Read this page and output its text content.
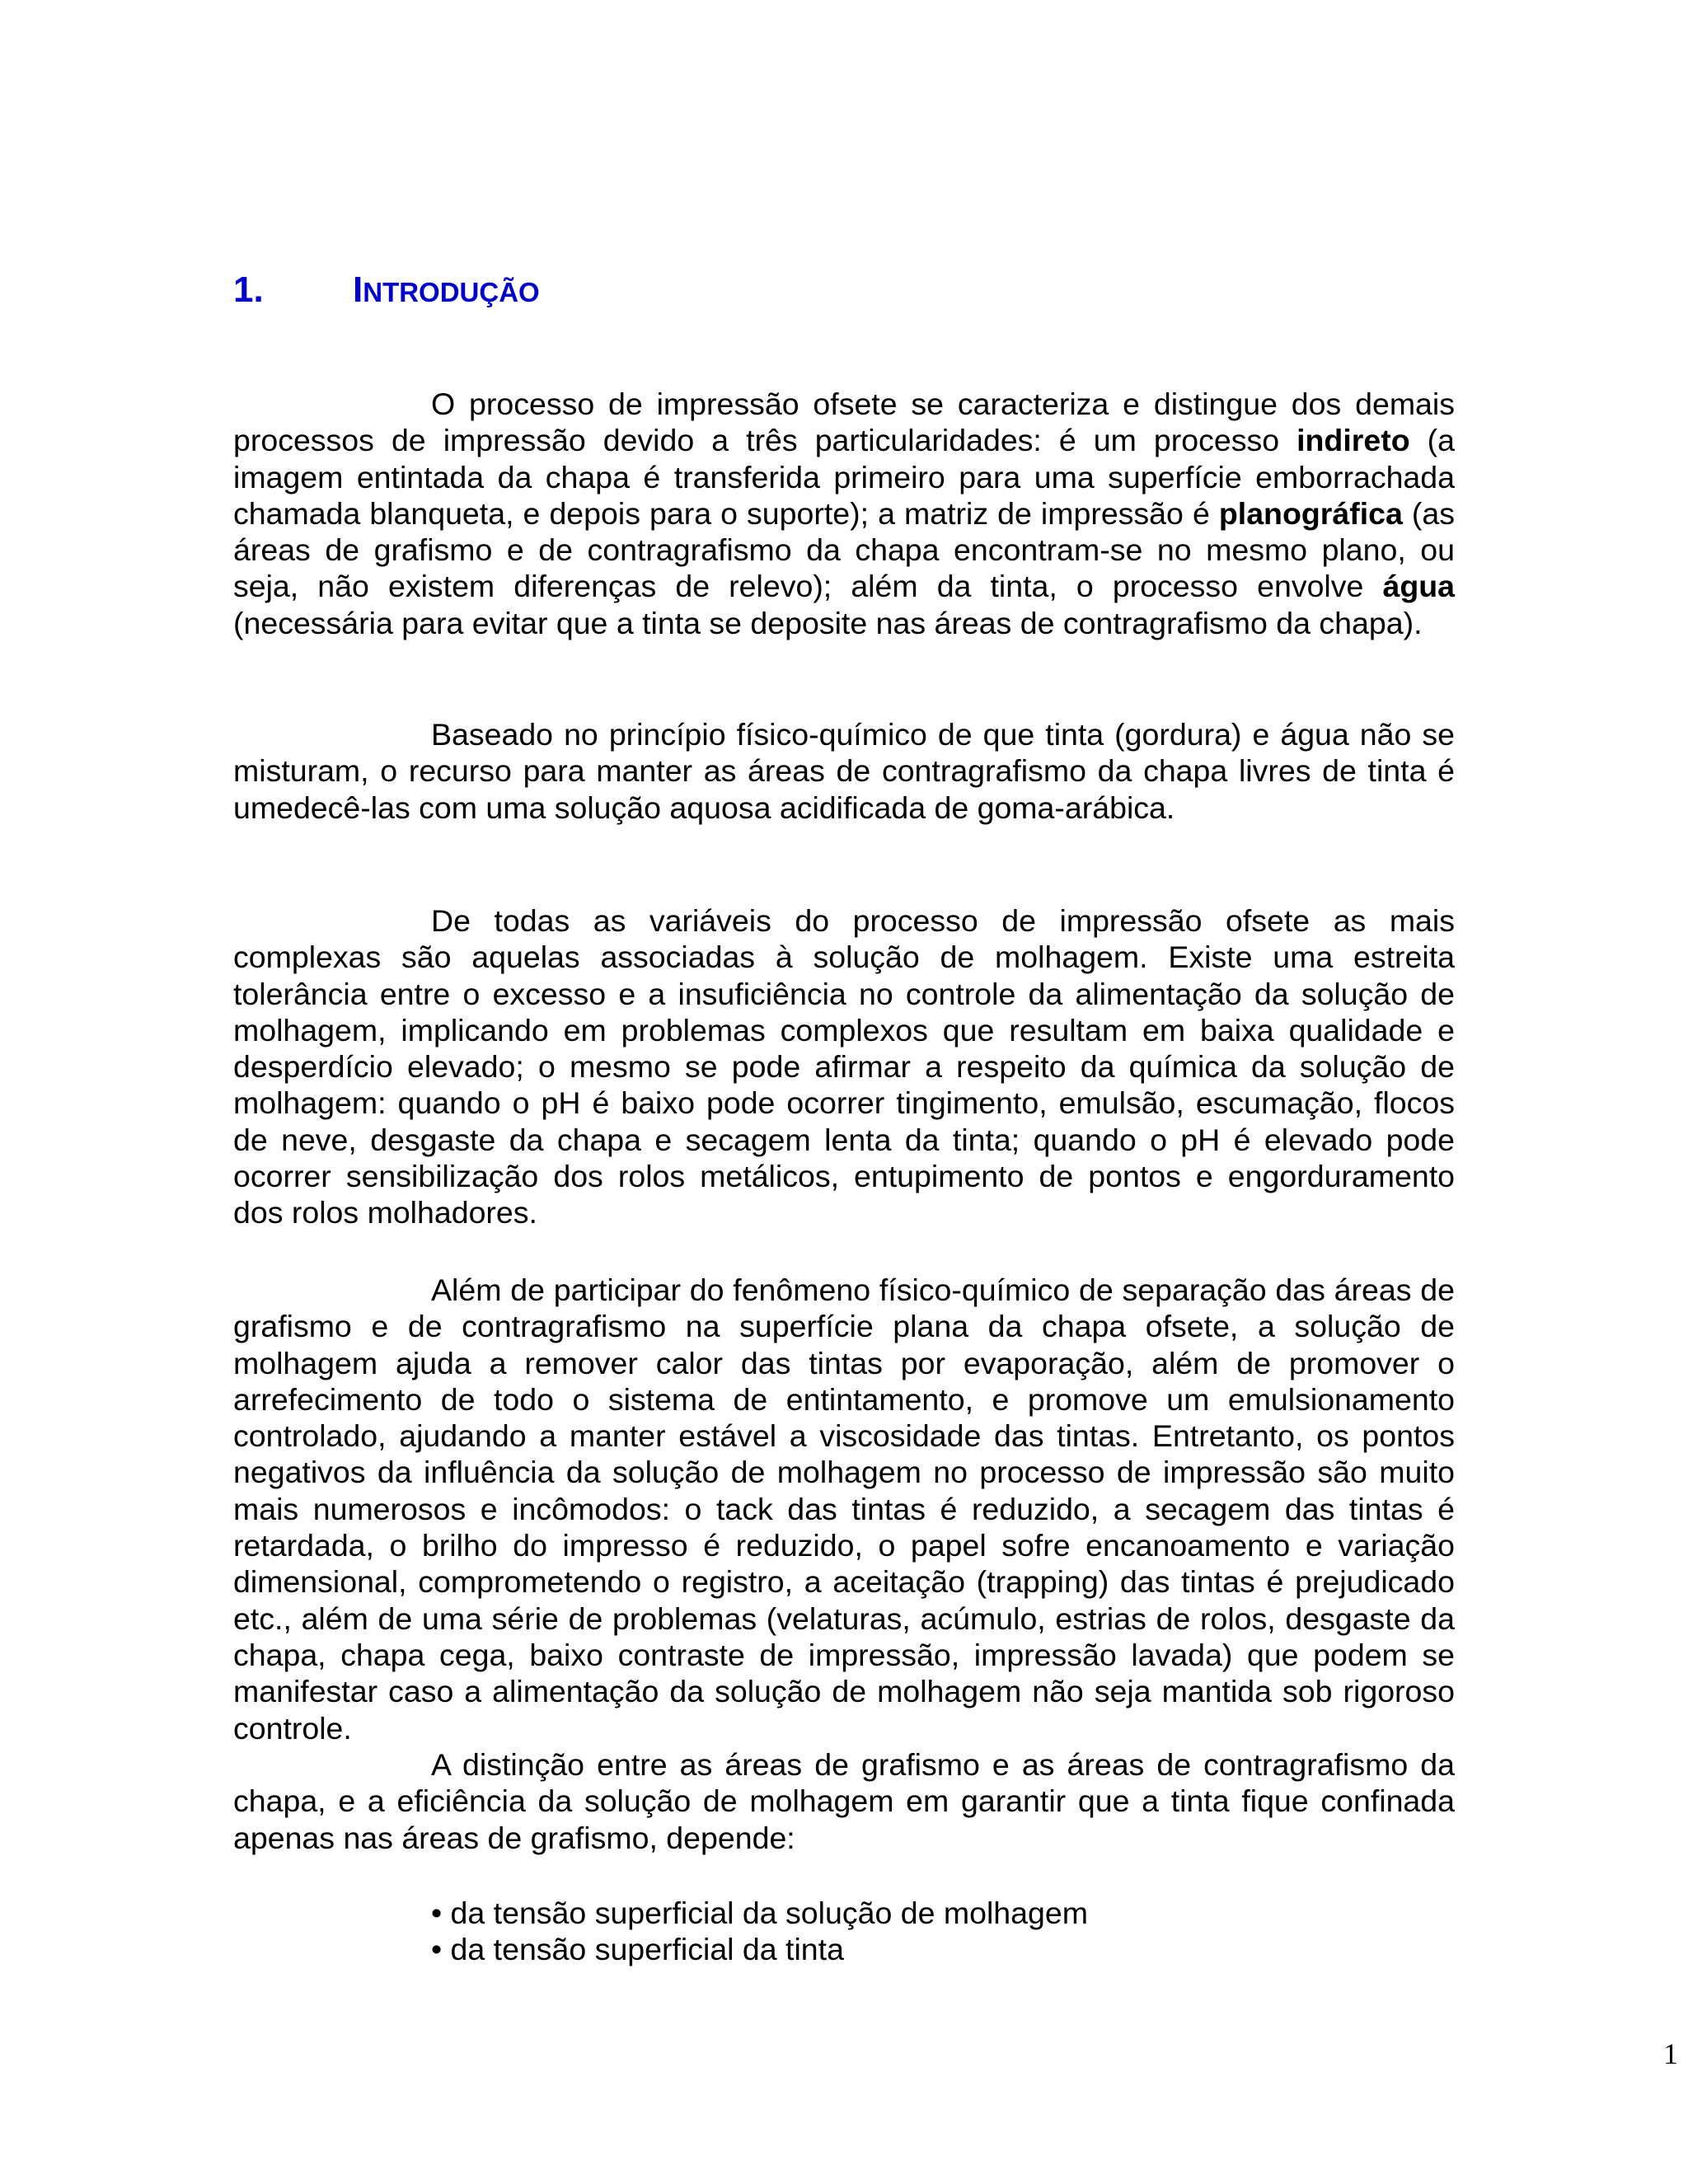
1. INTRODUÇÃO

O processo de impressão ofsete se caracteriza e distingue dos demais processos de impressão devido a três particularidades: é um processo indireto (a imagem entintada da chapa é transferida primeiro para uma superfície emborrachada chamada blanqueta, e depois para o suporte); a matriz de impressão é planográfica (as áreas de grafismo e de contragrafismo da chapa encontram-se no mesmo plano, ou seja, não existem diferenças de relevo); além da tinta, o processo envolve água (necessária para evitar que a tinta se deposite nas áreas de contragrafismo da chapa).

Baseado no princípio físico-químico de que tinta (gordura) e água não se misturam, o recurso para manter as áreas de contragrafismo da chapa livres de tinta é umedecê-las com uma solução aquosa acidificada de goma-arábica.

De todas as variáveis do processo de impressão ofsete as mais complexas são aquelas associadas à solução de molhagem. Existe uma estreita tolerância entre o excesso e a insuficiência no controle da alimentação da solução de molhagem, implicando em problemas complexos que resultam em baixa qualidade e desperdício elevado; o mesmo se pode afirmar a respeito da química da solução de molhagem: quando o pH é baixo pode ocorrer tingimento, emulsão, escumação, flocos de neve, desgaste da chapa e secagem lenta da tinta; quando o pH é elevado pode ocorrer sensibilização dos rolos metálicos, entupimento de pontos e engorduramento dos rolos molhadores.

Além de participar do fenômeno físico-químico de separação das áreas de grafismo e de contragrafismo na superfície plana da chapa ofsete, a solução de molhagem ajuda a remover calor das tintas por evaporação, além de promover o arrefecimento de todo o sistema de entintamento, e promove um emulsionamento controlado, ajudando a manter estável a viscosidade das tintas. Entretanto, os pontos negativos da influência da solução de molhagem no processo de impressão são muito mais numerosos e incômodos: o tack das tintas é reduzido, a secagem das tintas é retardada, o brilho do impresso é reduzido, o papel sofre encanoamento e variação dimensional, comprometendo o registro, a aceitação (trapping) das tintas é prejudicado etc., além de uma série de problemas (velaturas, acúmulo, estrias de rolos, desgaste da chapa, chapa cega, baixo contraste de impressão, impressão lavada) que podem se manifestar caso a alimentação da solução de molhagem não seja mantida sob rigoroso controle.

A distinção entre as áreas de grafismo e as áreas de contragrafismo da chapa, e a eficiência da solução de molhagem em garantir que a tinta fique confinada apenas nas áreas de grafismo, depende:

• da tensão superficial da solução de molhagem
• da tensão superficial da tinta
1
